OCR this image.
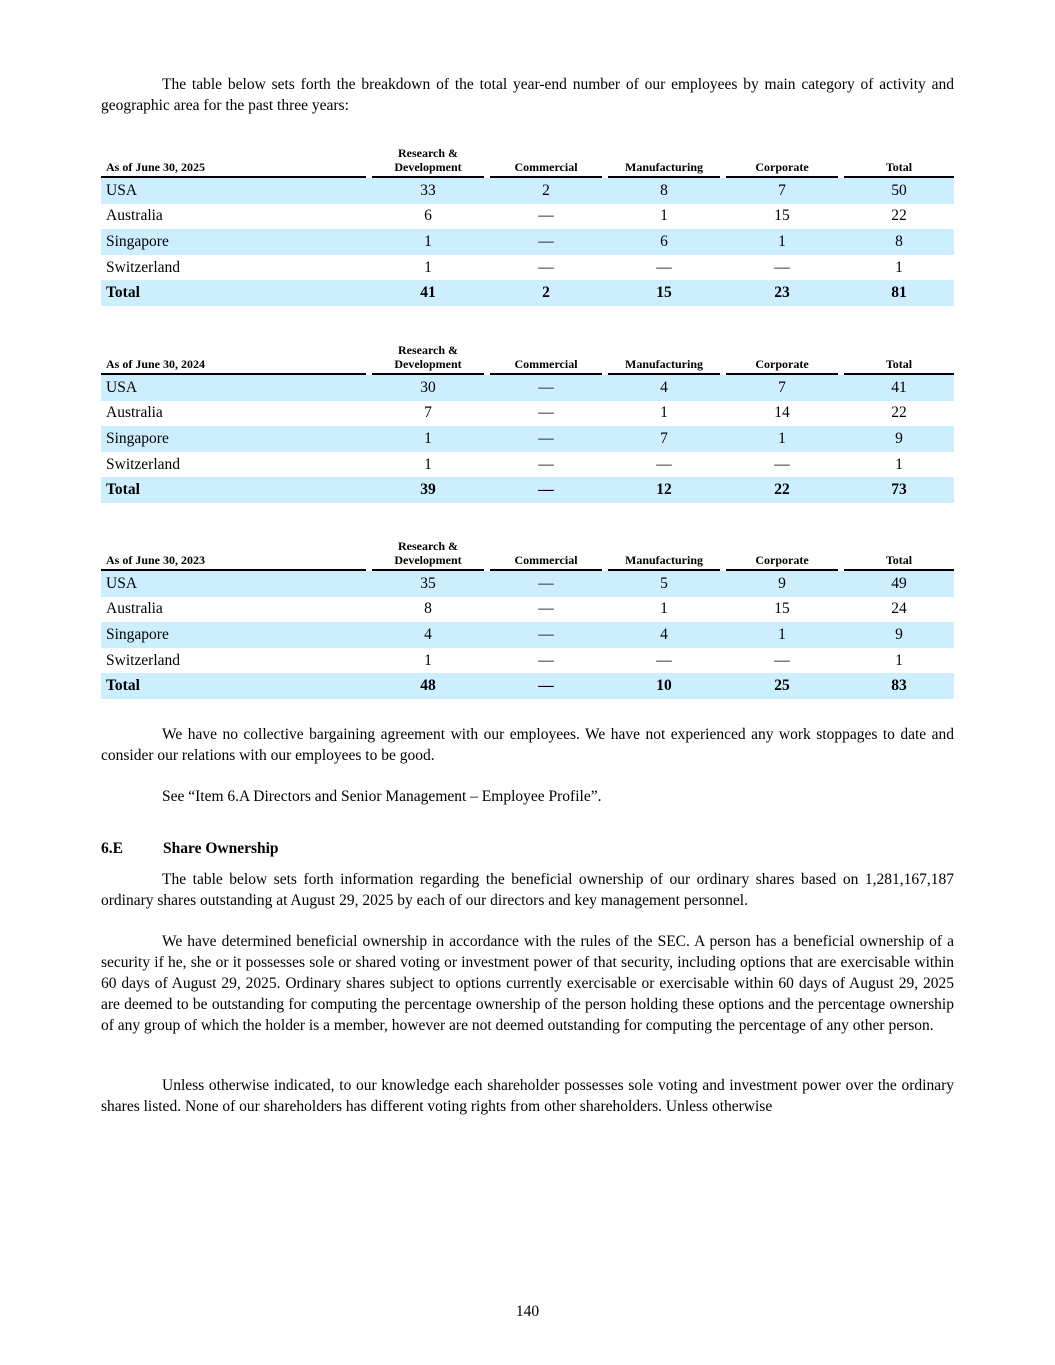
The table below sets forth the breakdown of the total year-end number of our employees by main category of activity and geographic area for the past three years:

As of June 30, 2025		Research & Development		Commercial		Manufacturing		Corporate		Total
USA		33		2		8		7		50
Australia		6		—		1		15		22
Singapore		1		—		6		1		8
Switzerland		1		—		—		—		1
Total		41		2		15		23		81
As of June 30, 2024		Research & Development		Commercial		Manufacturing		Corporate		Total
USA		30		—		4		7		41
Australia		7		—		1		14		22
Singapore		1		—		7		1		9
Switzerland		1		—		—		—		1
Total		39		—		12		22		73
As of June 30, 2023		Research & Development		Commercial		Manufacturing		Corporate		Total
USA		35		—		5		9		49
Australia		8		—		1		15		24
Singapore		4		—		4		1		9
Switzerland		1		—		—		—		1
Total		48		—		10		25		83

We have no collective bargaining agreement with our employees. We have not experienced any work stoppages to date and consider our relations with our employees to be good.

See “Item 6.A Directors and Senior Management – Employee Profile”.

6.E	Share Ownership

The table below sets forth information regarding the beneficial ownership of our ordinary shares based on 1,281,167,187 ordinary shares outstanding at August 29, 2025 by each of our directors and key management personnel.

We have determined beneficial ownership in accordance with the rules of the SEC. A person has a beneficial ownership of a security if he, she or it possesses sole or shared voting or investment power of that security, including options that are exercisable within 60 days of August 29, 2025. Ordinary shares subject to options currently exercisable or exercisable within 60 days of August 29, 2025 are deemed to be outstanding for computing the percentage ownership of the person holding these options and the percentage ownership of any group of which the holder is a member, however are not deemed outstanding for computing the percentage of any other person.

Unless otherwise indicated, to our knowledge each shareholder possesses sole voting and investment power over the ordinary shares listed. None of our shareholders has different voting rights from other shareholders. Unless otherwise

140
